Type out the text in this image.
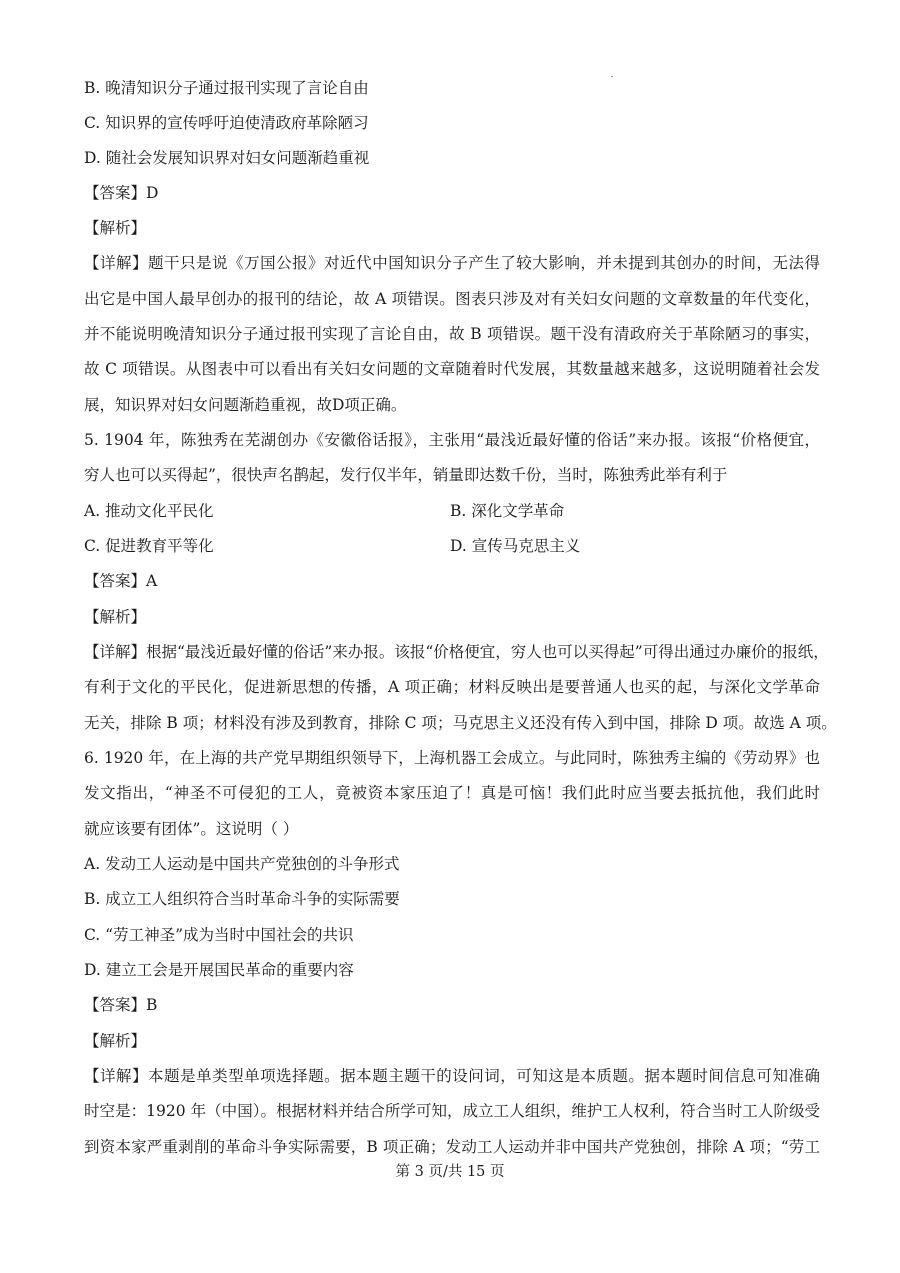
B. 晚清知识分子通过报刊实现了言论自由
C. 知识界的宣传呼吁迫使清政府革除陋习
D. 随社会发展知识界对妇女问题渐趋重视
【答案】D
【解析】
【详解】题干只是说《万国公报》对近代中国知识分子产生了较大影响，并未提到其创办的时间，无法得
出它是中国人最早创办的报刊的结论，故 A 项错误。图表只涉及对有关妇女问题的文章数量的年代变化，
并不能说明晚清知识分子通过报刊实现了言论自由，故 B 项错误。题干没有清政府关于革除陋习的事实，
故 C 项错误。从图表中可以看出有关妇女问题的文章随着时代发展，其数量越来越多，这说明随着社会发
展，知识界对妇女问题渐趋重视，故D项正确。
5. 1904 年，陈独秀在芜湖创办《安徽俗话报》，主张用“最浅近最好懂的俗话”来办报。该报“价格便宜，
穷人也可以买得起”，很快声名鹊起，发行仅半年，销量即达数千份，当时，陈独秀此举有利于
A. 推动文化平民化	B. 深化文学革命
C. 促进教育平等化	D. 宣传马克思主义
【答案】A
【解析】
【详解】根据“最浅近最好懂的俗话”来办报。该报“价格便宜，穷人也可以买得起”可得出通过办廉价的报纸，
有利于文化的平民化，促进新思想的传播，A 项正确；材料反映出是要普通人也买的起，与深化文学革命
无关，排除 B 项；材料没有涉及到教育，排除 C 项；马克思主义还没有传入到中国，排除 D 项。故选 A 项。
6. 1920 年，在上海的共产党早期组织领导下，上海机器工会成立。与此同时，陈独秀主编的《劳动界》也
发文指出，“神圣不可侵犯的工人，竟被资本家压迫了！真是可恼！我们此时应当要去抵抗他，我们此时
就应该要有团体”。这说明（ ）
A. 发动工人运动是中国共产党独创的斗争形式
B. 成立工人组织符合当时革命斗争的实际需要
C. “劳工神圣”成为当时中国社会的共识
D. 建立工会是开展国民革命的重要内容
【答案】B
【解析】
【详解】本题是单类型单项选择题。据本题主题干的设问词，可知这是本质题。据本题时间信息可知准确
时空是：1920 年（中国）。根据材料并结合所学可知，成立工人组织，维护工人权利，符合当时工人阶级受
到资本家严重剥削的革命斗争实际需要，B 项正确；发动工人运动并非中国共产党独创，排除 A 项；“劳工
第 3 页/共 15 页
